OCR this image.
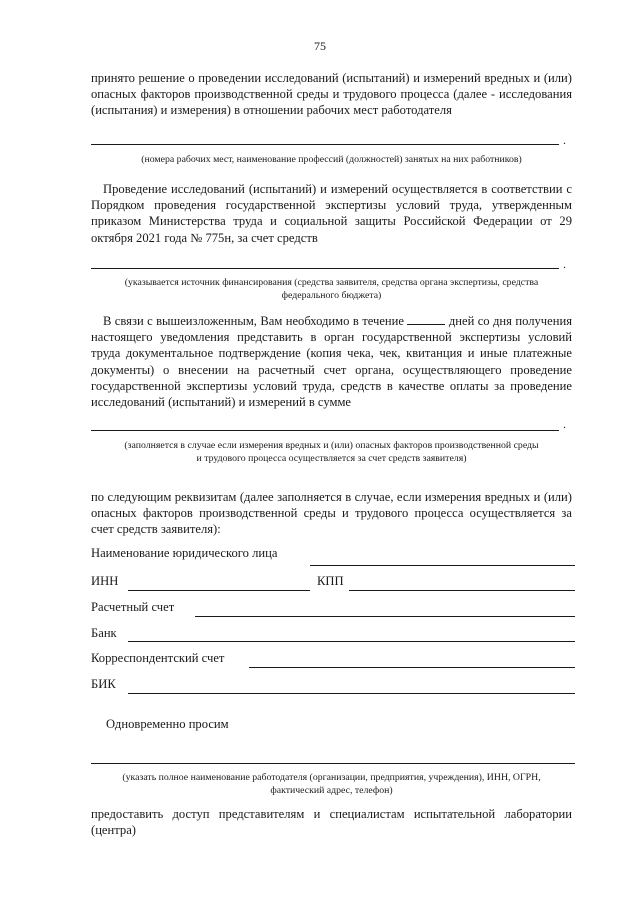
75
принято решение о проведении исследований (испытаний) и измерений вредных и (или) опасных факторов производственной среды и трудового процесса (далее - исследования (испытания) и измерения) в отношении рабочих мест работодателя
.
(номера рабочих мест, наименование профессий (должностей) занятых на них работников)
Проведение исследований (испытаний) и измерений осуществляется в соответствии с Порядком проведения государственной экспертизы условий труда, утвержденным приказом Министерства труда и социальной защиты Российской Федерации от 29 октября 2021 года № 775н, за счет средств
.
(указывается источник финансирования (средства заявителя, средства органа экспертизы, средства
федерального бюджета)
В связи с вышеизложенным, Вам необходимо в течение	дней со дня получения настоящего уведомления представить в орган государственной экспертизы условий труда документальное подтверждение (копия чека, чек, квитанция и иные платежные документы) о внесении на расчетный счет органа, осуществляющего проведение государственной экспертизы условий труда, средств в качестве оплаты за проведение исследований (испытаний) и измерений в сумме
.
(заполняется в случае если измерения вредных и (или) опасных факторов производственной среды
и трудового процесса осуществляется за счет средств заявителя)
по следующим реквизитам (далее заполняется в случае, если измерения вредных и (или) опасных факторов производственной среды и трудового процесса осуществляется за счет средств заявителя):
Наименование юридического лица
ИНН	КПП
Расчетный счет
Банк
Корреспондентский счет
БИК
Одновременно просим
(указать полное наименование работодателя (организации, предприятия, учреждения), ИНН, ОГРН,
фактический адрес, телефон)
предоставить доступ представителям и специалистам испытательной лаборатории (центра)
